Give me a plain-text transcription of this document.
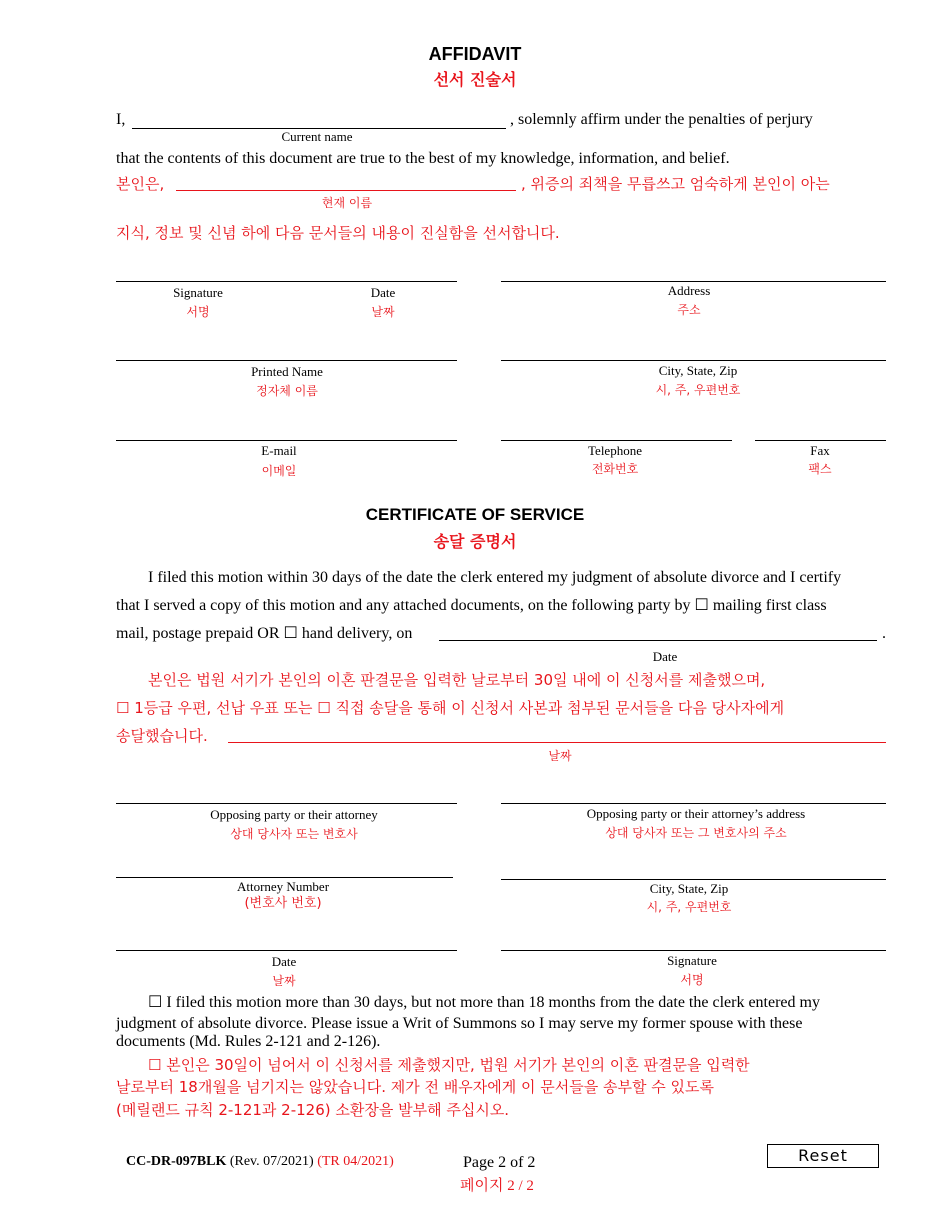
AFFIDAVIT
선서 진술서
I,	, solemnly affirm under the penalties of perjury
Current name
that the contents of this document are true to the best of my knowledge, information, and belief.
본인은,	, 위증의 죄책을 무릅쓰고 엄숙하게 본인이 아는
현재 이름
지식, 정보 및 신념 하에 다음 문서들의 내용이 진실함을 선서합니다.
Signature
서명
Date
날짜
Address
주소
Printed Name
정자체 이름
City, State, Zip
시, 주, 우편번호
E-mail
이메일
Telephone
전화번호
Fax
팩스
CERTIFICATE OF SERVICE
송달 증명서
I filed this motion within 30 days of the date the clerk entered my judgment of absolute divorce and I certify
that I served a copy of this motion and any attached documents, on the following party by ☐ mailing first class
mail, postage prepaid OR ☐ hand delivery, on	.
Date
본인은 법원 서기가 본인의 이혼 판결문을 입력한 날로부터 30일 내에 이 신청서를 제출했으며,
☐ 1등급 우편, 선납 우표 또는 ☐ 직접 송달을 통해 이 신청서 사본과 첨부된 문서들을 다음 당사자에게
송달했습니다.
날짜
Opposing party or their attorney
상대 당사자 또는 변호사
Opposing party or their attorney’s address
상대 당사자 또는 그 변호사의 주소
Attorney Number
(변호사 번호)
City, State, Zip
시, 주, 우편번호
Date
날짜
Signature
서명
☐ I filed this motion more than 30 days, but not more than 18 months from the date the clerk entered my
judgment of absolute divorce. Please issue a Writ of Summons so I may serve my former spouse with these
documents (Md. Rules 2-121 and 2-126).
☐ 본인은 30일이 넘어서 이 신청서를 제출했지만, 법원 서기가 본인의 이혼 판결문을 입력한
날로부터 18개월을 넘기지는 않았습니다. 제가 전 배우자에게 이 문서들을 송부할 수 있도록
(메릴랜드 규칙 2-121과 2-126) 소환장을 발부해 주십시오.
CC-DR-097BLK (Rev. 07/2021) (TR 04/2021)	Page 2 of 2
페이지 2 / 2
Reset
